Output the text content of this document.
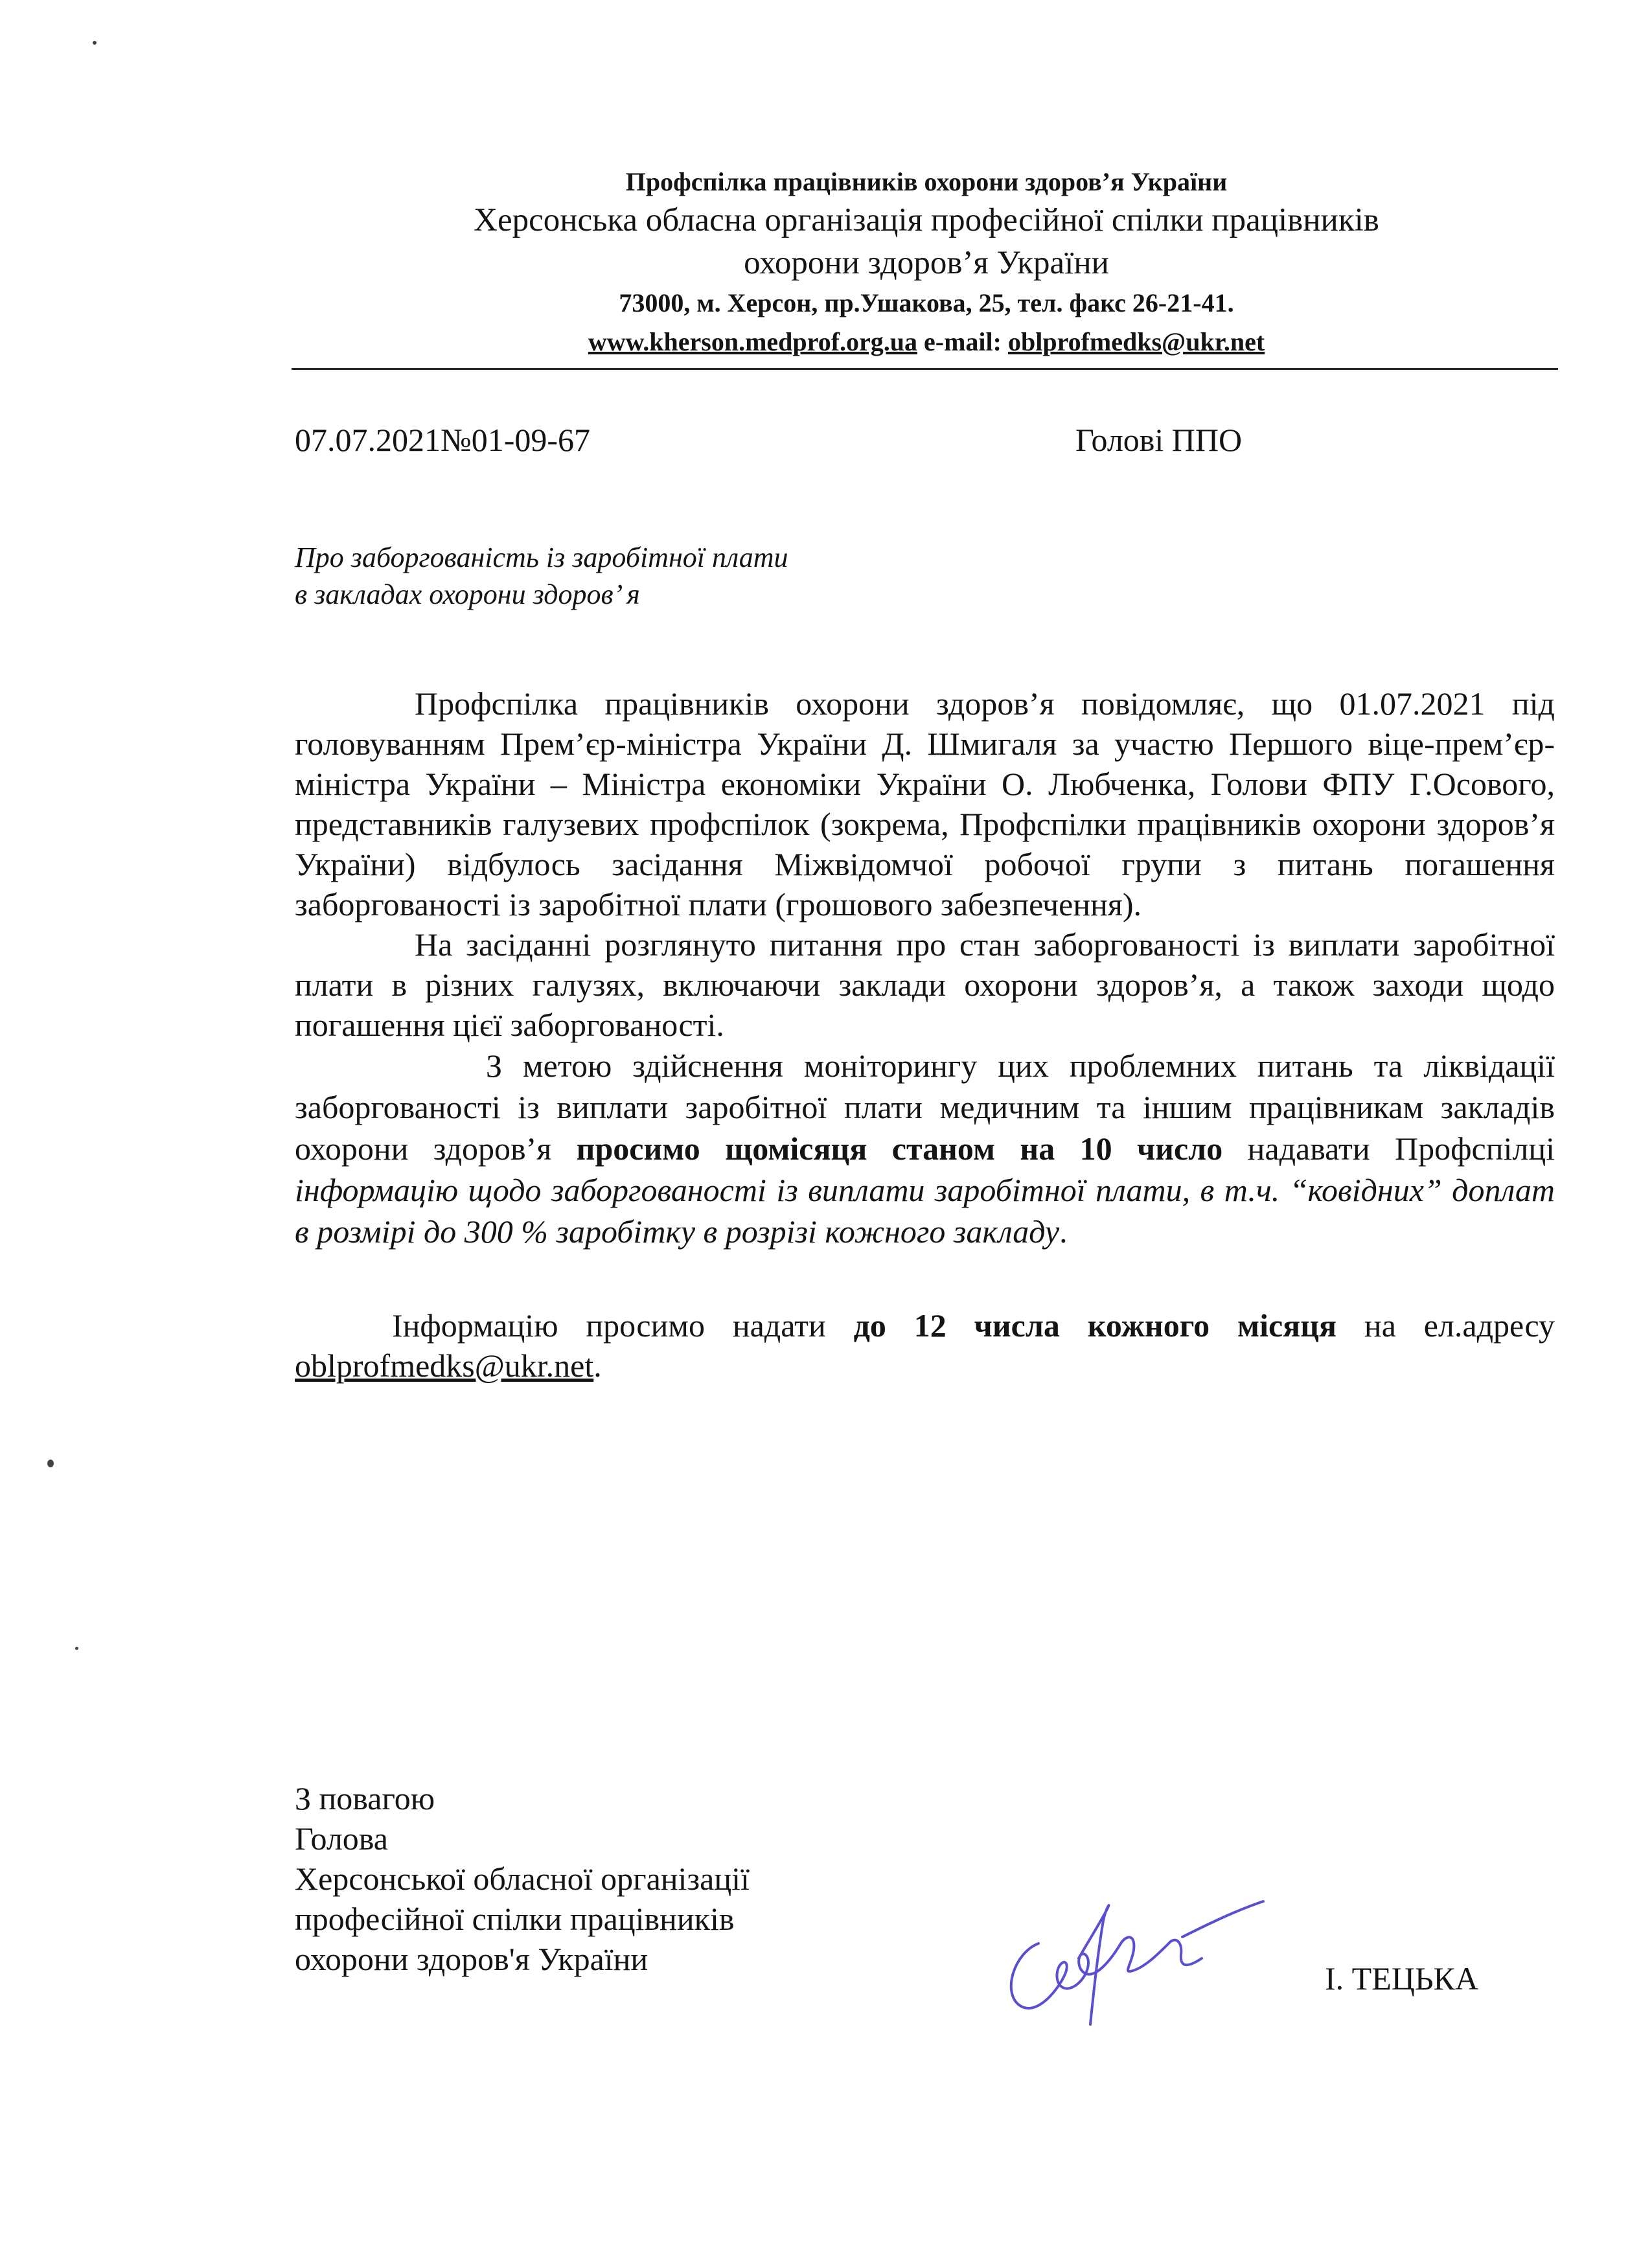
Профспілка працівників охорони здоров’я України
Херсонська обласна організація професійної спілки працівників
охорони здоров’я України
73000, м. Херсон, пр.Ушакова, 25, тел. факс 26-21-41.
www.kherson.medprof.org.ua e-mail: oblprofmedks@ukr.net
07.07.2021№01-09-67	Голові ППО
Про заборгованість із заробітної плати
в закладах охорони здоров’ я

Профспілка працівників охорони здоров’я повідомляє, що 01.07.2021 під головуванням Прем’єр-міністра України Д. Шмигаля за участю Першого віце-прем’єр-міністра України – Міністра економіки України О. Любченка, Голови ФПУ Г.Осового, представників галузевих профспілок (зокрема, Профспілки працівників охорони здоров’я України) відбулось засідання Міжвідомчої робочої групи з питань погашення заборгованості із заробітної плати (грошового забезпечення).

На засіданні розглянуто питання про стан заборгованості із виплати заробітної плати в різних галузях, включаючи заклади охорони здоров’я, а також заходи щодо погашення цієї заборгованості.

З метою здійснення моніторингу цих проблемних питань та ліквідації заборгованості із виплати заробітної плати медичним та іншим працівникам закладів охорони здоров’я просимо щомісяця станом на 10 число надавати Профспілці інформацію щодо заборгованості із виплати заробітної плати, в т.ч. “ковідних” доплат в розмірі до 300 % заробітку в розрізі кожного закладу.

Інформацію просимо надати до 12 числа кожного місяця на ел.адресу oblprofmedks@ukr.net.

З повагою
Голова
Херсонської обласної організації
професійної спілки працівників
охорони здоров'я України
І. ТЕЦЬКА
